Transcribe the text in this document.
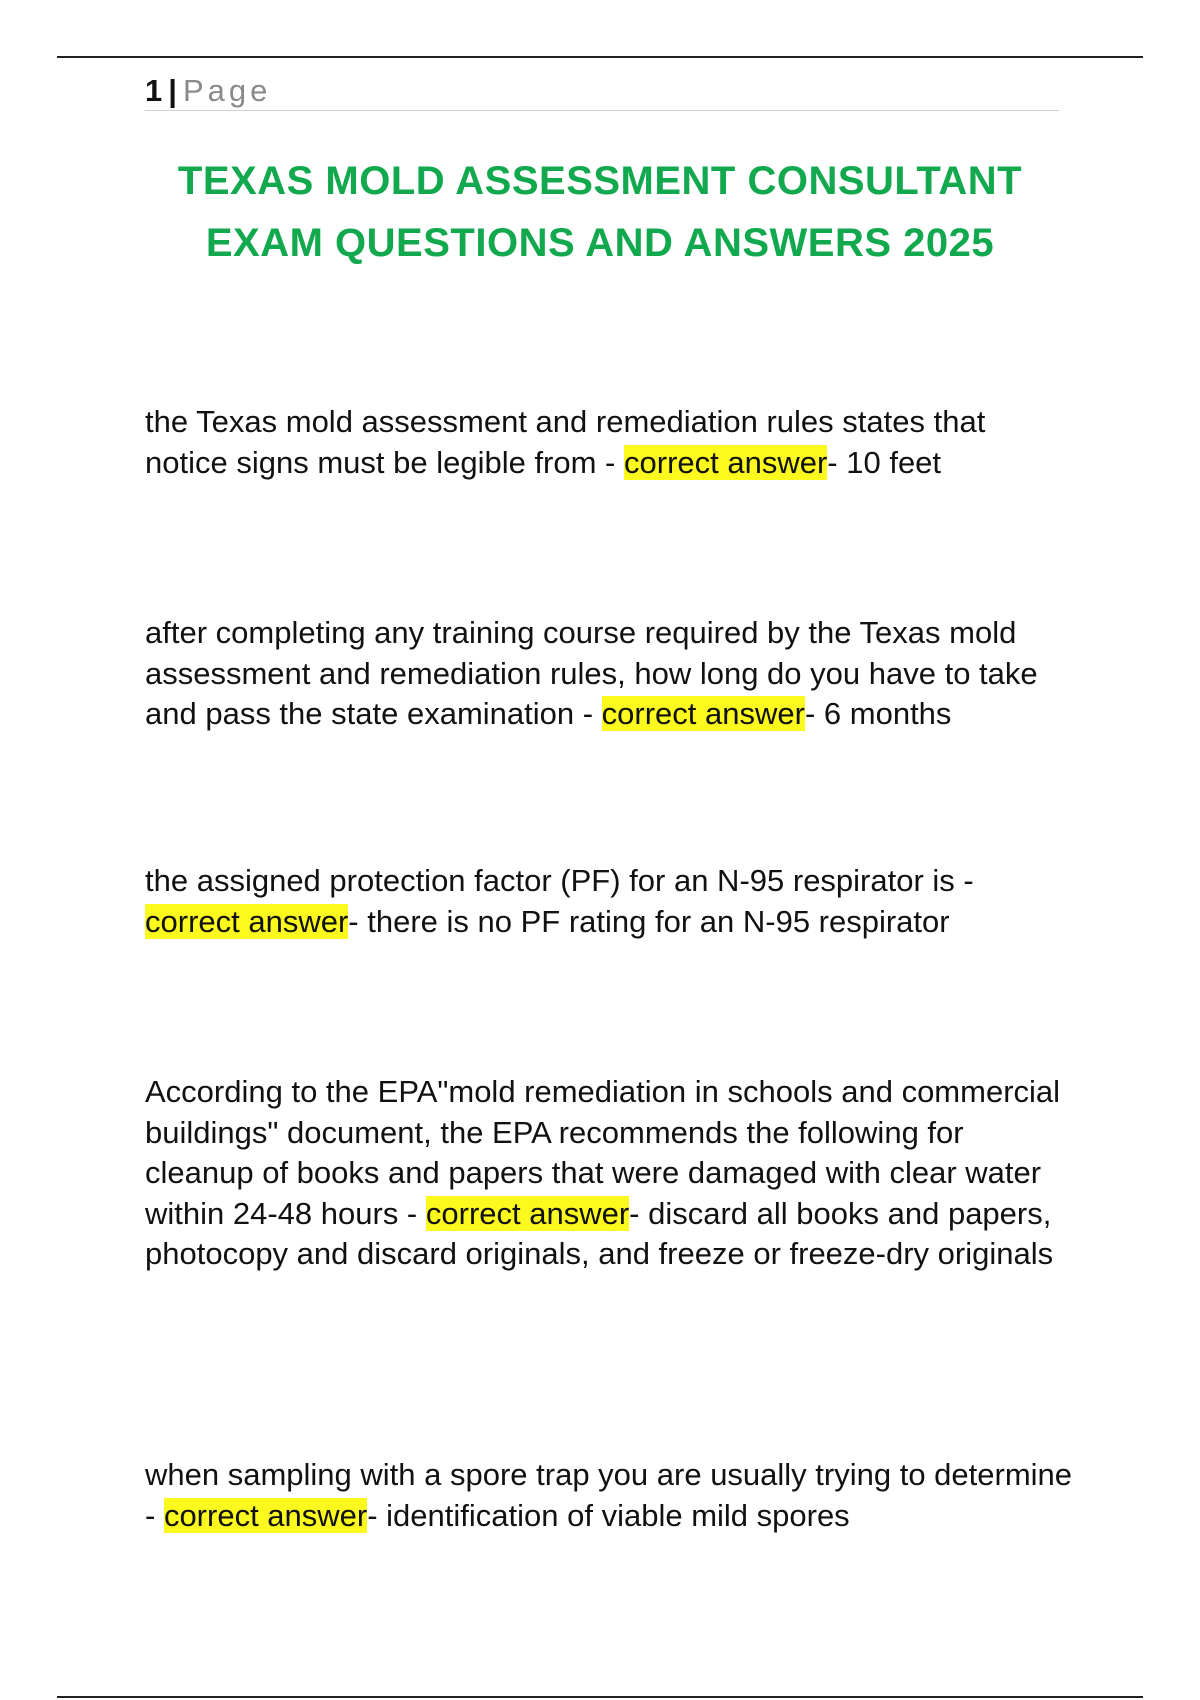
1 | Page
TEXAS MOLD ASSESSMENT CONSULTANT EXAM QUESTIONS AND ANSWERS 2025

the Texas mold assessment and remediation rules states that notice signs must be legible from - correct answer- 10 feet

after completing any training course required by the Texas mold assessment and remediation rules, how long do you have to take and pass the state examination - correct answer- 6 months

the assigned protection factor (PF) for an N-95 respirator is - correct answer- there is no PF rating for an N-95 respirator

According to the EPA"mold remediation in schools and commercial buildings" document, the EPA recommends the following for cleanup of books and papers that were damaged with clear water within 24-48 hours - correct answer- discard all books and papers, photocopy and discard originals, and freeze or freeze-dry originals

when sampling with a spore trap you are usually trying to determine - correct answer- identification of viable mild spores
